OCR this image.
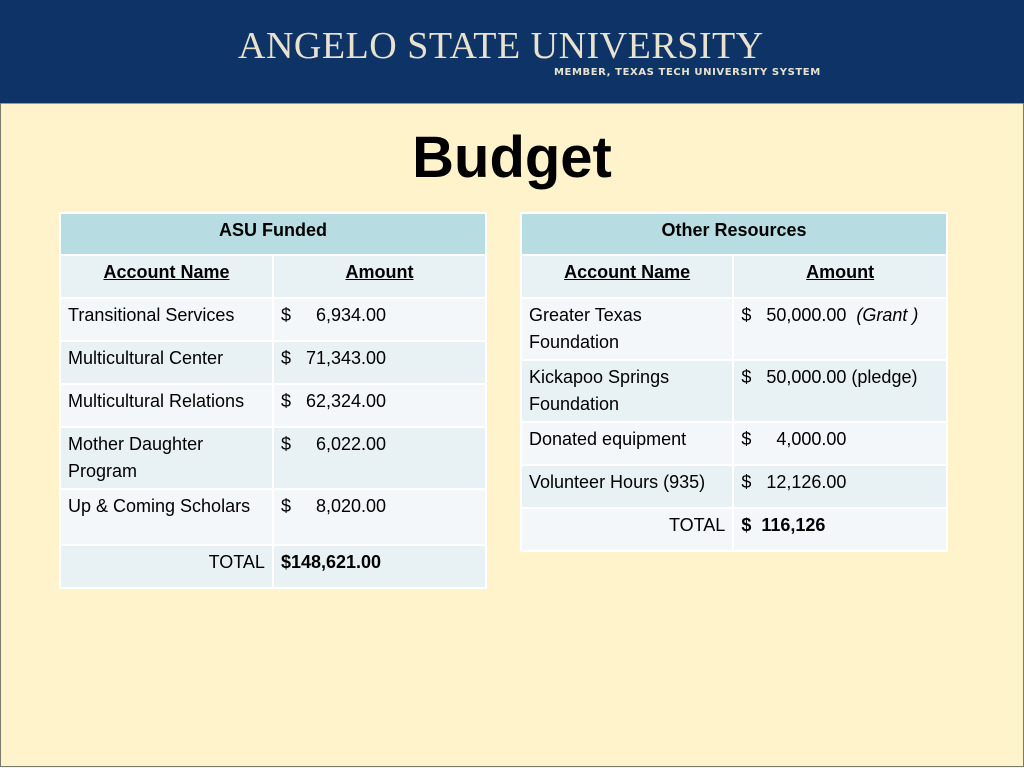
ANGELO STATE UNIVERSITY
MEMBER, TEXAS TECH UNIVERSITY SYSTEM
Budget
ASU Funded	
Account Name	Amount
Transitional Services	$     6,934.00
Multicultural Center	$   71,343.00
Multicultural Relations	$   62,324.00
Mother Daughter Program	$     6,022.00
Up & Coming Scholars	$     8,020.00
TOTAL	$148,621.00
Other Resources	
Account Name	Amount
Greater Texas Foundation	$   50,000.00  (Grant )
Kickapoo Springs Foundation	$   50,000.00 (pledge)
Donated equipment	$     4,000.00
Volunteer Hours (935)	$   12,126.00
TOTAL	$  116,126
